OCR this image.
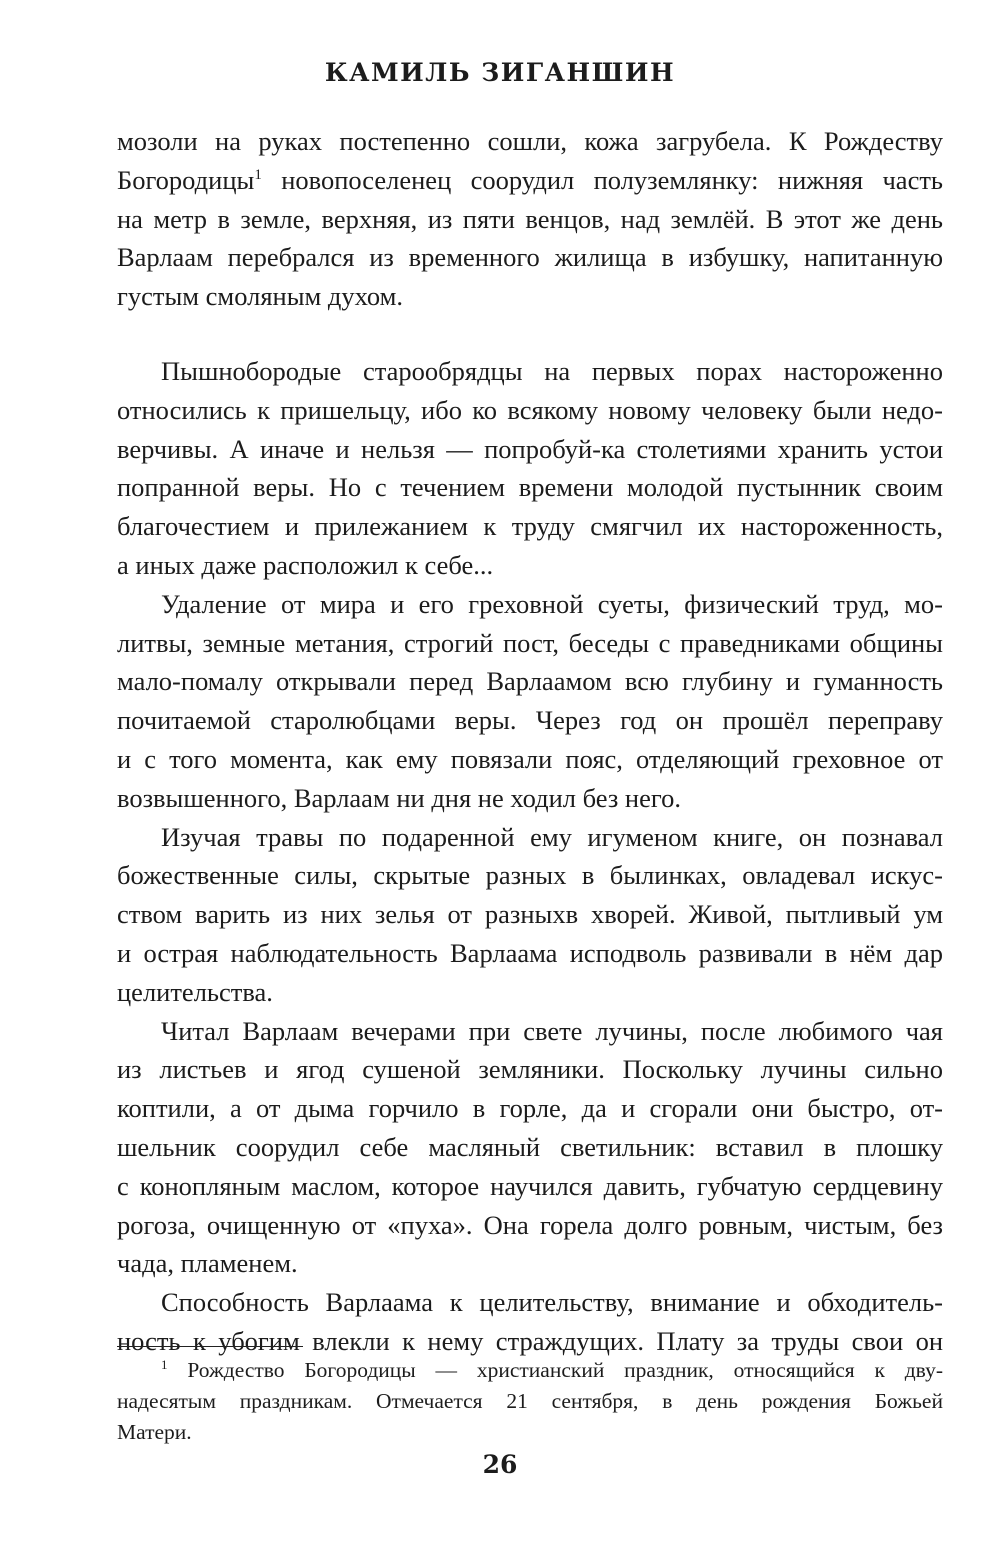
КАМИЛЬ ЗИГАНШИН
мозоли на руках постепенно сошли, кожа загрубела. К Рождеству
Богородицы$^1$ новопоселенец соорудил полуземлянку: нижняя часть
на метр в земле, верхняя, из пяти венцов, над землёй. В этот же день
Варлаам перебрался из временного жилища в избушку, напитанную
густым смоляным духом.
Пышнобородые старообрядцы на первых порах настороженно
относились к пришельцу, ибо ко всякому новому человеку были недо-
верчивы. А иначе и нельзя — попробуй-ка столетиями хранить устои
попранной веры. Но с течением времени молодой пустынник своим
благочестием и прилежанием к труду смягчил их настороженность,
а иных даже расположил к себе...
Удаление от мира и его греховной суеты, физический труд, мо-
литвы, земные метания, строгий пост, беседы с праведниками общины
мало-помалу открывали перед Варлаамом всю глубину и гуманность
почитаемой старолюбцами веры. Через год он прошёл переправу
и с того момента, как ему повязали пояс, отделяющий греховное от
возвышенного, Варлаам ни дня не ходил без него.
Изучая травы по подаренной ему игуменом книге, он познавал
божественные силы, скрытые разных в былинках, овладевал искус-
ством варить из них зелья от разныхв хворей. Живой, пытливый ум
и острая наблюдательность Варлаама исподволь развивали в нём дар
целительства.
Читал Варлаам вечерами при свете лучины, после любимого чая
из листьев и ягод сушеной земляники. Поскольку лучины сильно
коптили, а от дыма горчило в горле, да и сгорали они быстро, от-
шельник соорудил себе масляный светильник: вставил в плошку
с конопляным маслом, которое научился давить, губчатую сердцевину
рогоза, очищенную от «пуха». Она горела долго ровным, чистым, без
чада, пламенем.
Способность Варлаама к целительству, внимание и обходитель-
ность к убогим влекли к нему страждущих. Плату за труды свои он
$^1$ Рождество Богородицы — христианский праздник, относящийся к дву-
надесятым праздникам. Отмечается 21 сентября, в день рождения Божьей
Матери.

26
